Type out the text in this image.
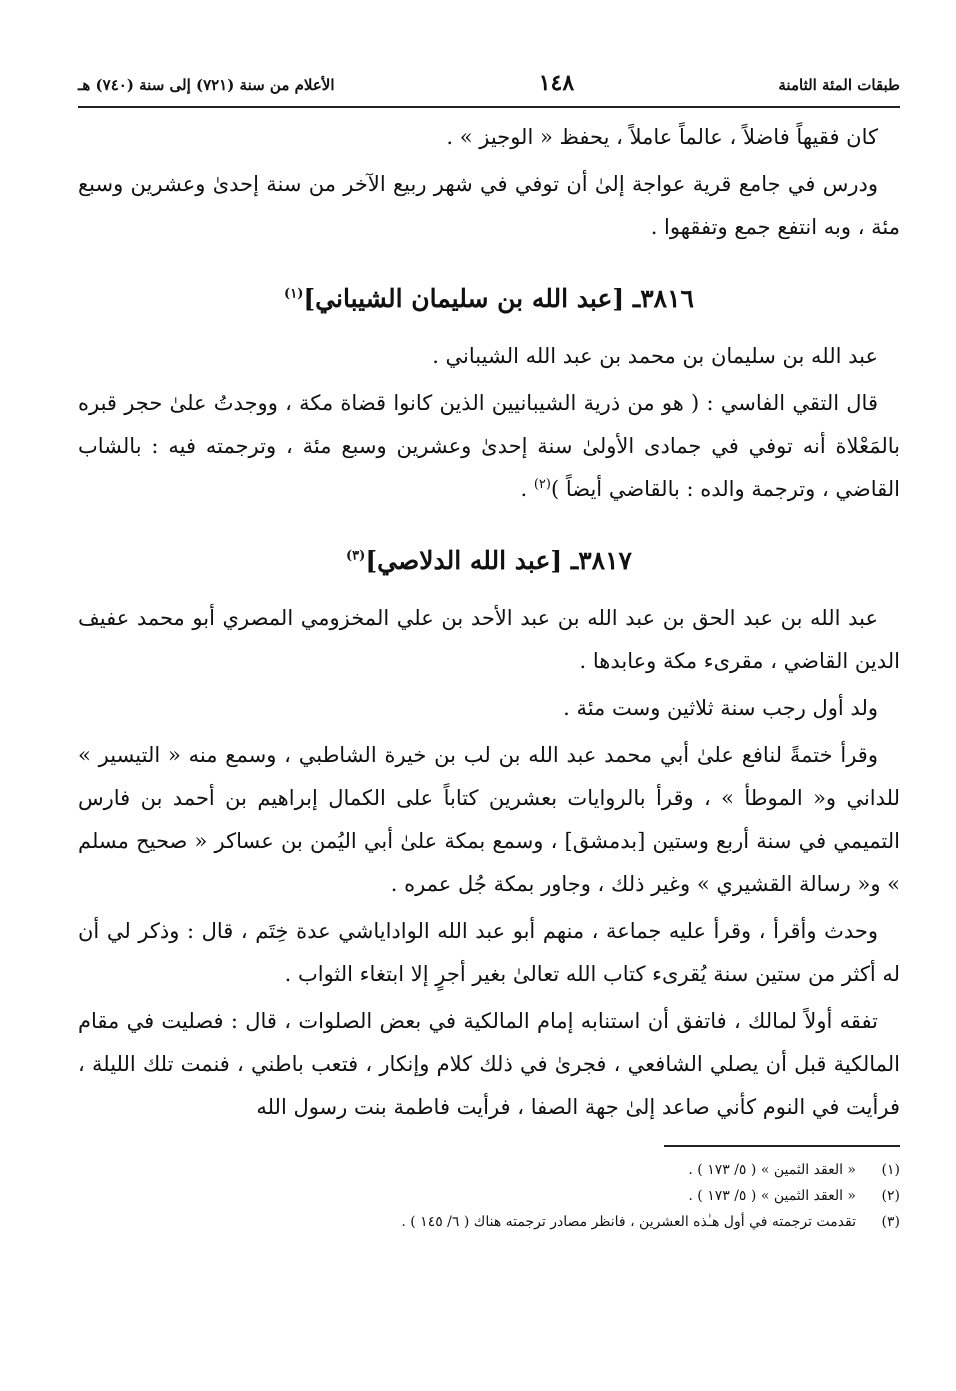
طبقات المئة الثامنة
١٤٨
الأعلام من سنة (٧٢١) إلى سنة (٧٤٠) هـ
كان فقيهاً فاضلاً ، عالماً عاملاً ، يحفظ « الوجيز » .
ودرس في جامع قرية عواجة إلىٰ أن توفي في شهر ربيع الآخر من سنة إحدىٰ وعشرين وسبع مئة ، وبه انتفع جمع وتفقهوا .
٣٨١٦ـ [عبد الله بن سليمان الشيباني]$^{(١)}$
عبد الله بن سليمان بن محمد بن عبد الله الشيباني .
قال التقي الفاسي : ( هو من ذرية الشيبانيين الذين كانوا قضاة مكة ، ووجدتُ علىٰ حجر قبره بالمَعْلاة أنه توفي في جمادى الأولىٰ سنة إحدىٰ وعشرين وسبع مئة ، وترجمته فيه : بالشاب القاضي ، وترجمة والده : بالقاضي أيضاً )$^{(٢)}$ .
٣٨١٧ـ [عبد الله الدلاصي]$^{(٣)}$
عبد الله بن عبد الحق بن عبد الله بن عبد الأحد بن علي المخزومي المصري أبو محمد عفيف الدين القاضي ، مقرىء مكة وعابدها .
ولد أول رجب سنة ثلاثين وست مئة .
وقرأ ختمةً لنافع علىٰ أبي محمد عبد الله بن لب بن خيرة الشاطبي ، وسمع منه « التيسير » للداني و« الموطأ » ، وقرأ بالروايات بعشرين كتاباً على الكمال إبراهيم بن أحمد بن فارس التميمي في سنة أربع وستين [بدمشق] ، وسمع بمكة علىٰ أبي اليُمن بن عساكر « صحيح مسلم » و« رسالة القشيري » وغير ذلك ، وجاور بمكة جُل عمره .
وحدث وأقرأ ، وقرأ عليه جماعة ، منهم أبو عبد الله الواداياشي عدة خِتَم ، قال : وذكر لي أن له أكثر من ستين سنة يُقرىء كتاب الله تعالىٰ بغير أجرٍ إلا ابتغاء الثواب .
تفقه أولاً لمالك ، فاتفق أن استنابه إمام المالكية في بعض الصلوات ، قال : فصليت في مقام المالكية قبل أن يصلي الشافعي ، فجرىٰ في ذلك كلام وإنكار ، فتعب باطني ، فنمت تلك الليلة ، فرأيت في النوم كأني صاعد إلىٰ جهة الصفا ، فرأيت فاطمة بنت رسول الله
(١)
« العقد الثمين » ( ٥/ ١٧٣ ) .
(٢)
« العقد الثمين » ( ٥/ ١٧٣ ) .
(٣)
تقدمت ترجمته في أول هـٰذه العشرين ، فانظر مصادر ترجمته هناك ( ٦/ ١٤٥ ) .
